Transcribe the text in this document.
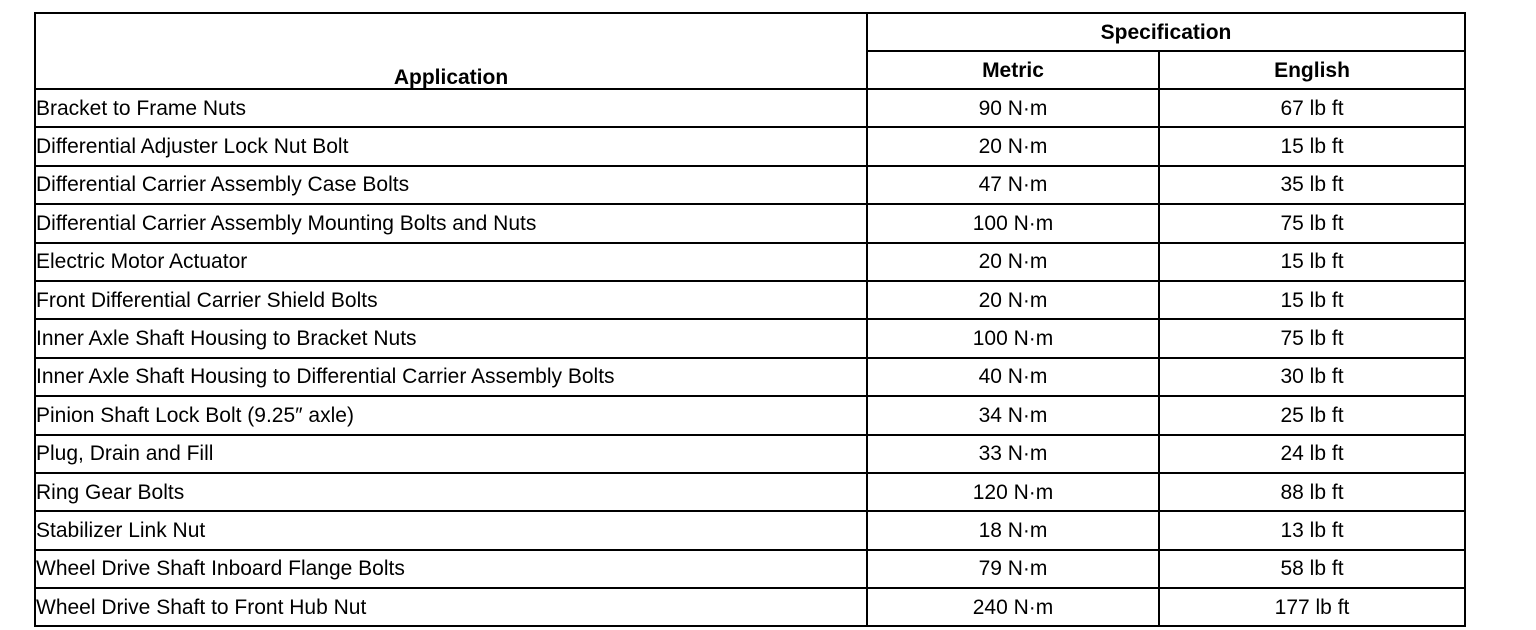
Application	Specification	
	Metric	English
Bracket to Frame Nuts	90 N·m	67 lb ft
Differential Adjuster Lock Nut Bolt	20 N·m	15 lb ft
Differential Carrier Assembly Case Bolts	47 N·m	35 lb ft
Differential Carrier Assembly Mounting Bolts and Nuts	100 N·m	75 lb ft
Electric Motor Actuator	20 N·m	15 lb ft
Front Differential Carrier Shield Bolts	20 N·m	15 lb ft
Inner Axle Shaft Housing to Bracket Nuts	100 N·m	75 lb ft
Inner Axle Shaft Housing to Differential Carrier Assembly Bolts	40 N·m	30 lb ft
Pinion Shaft Lock Bolt (9.25″ axle)	34 N·m	25 lb ft
Plug, Drain and Fill	33 N·m	24 lb ft
Ring Gear Bolts	120 N·m	88 lb ft
Stabilizer Link Nut	18 N·m	13 lb ft
Wheel Drive Shaft Inboard Flange Bolts	79 N·m	58 lb ft
Wheel Drive Shaft to Front Hub Nut	240 N·m	177 lb ft
